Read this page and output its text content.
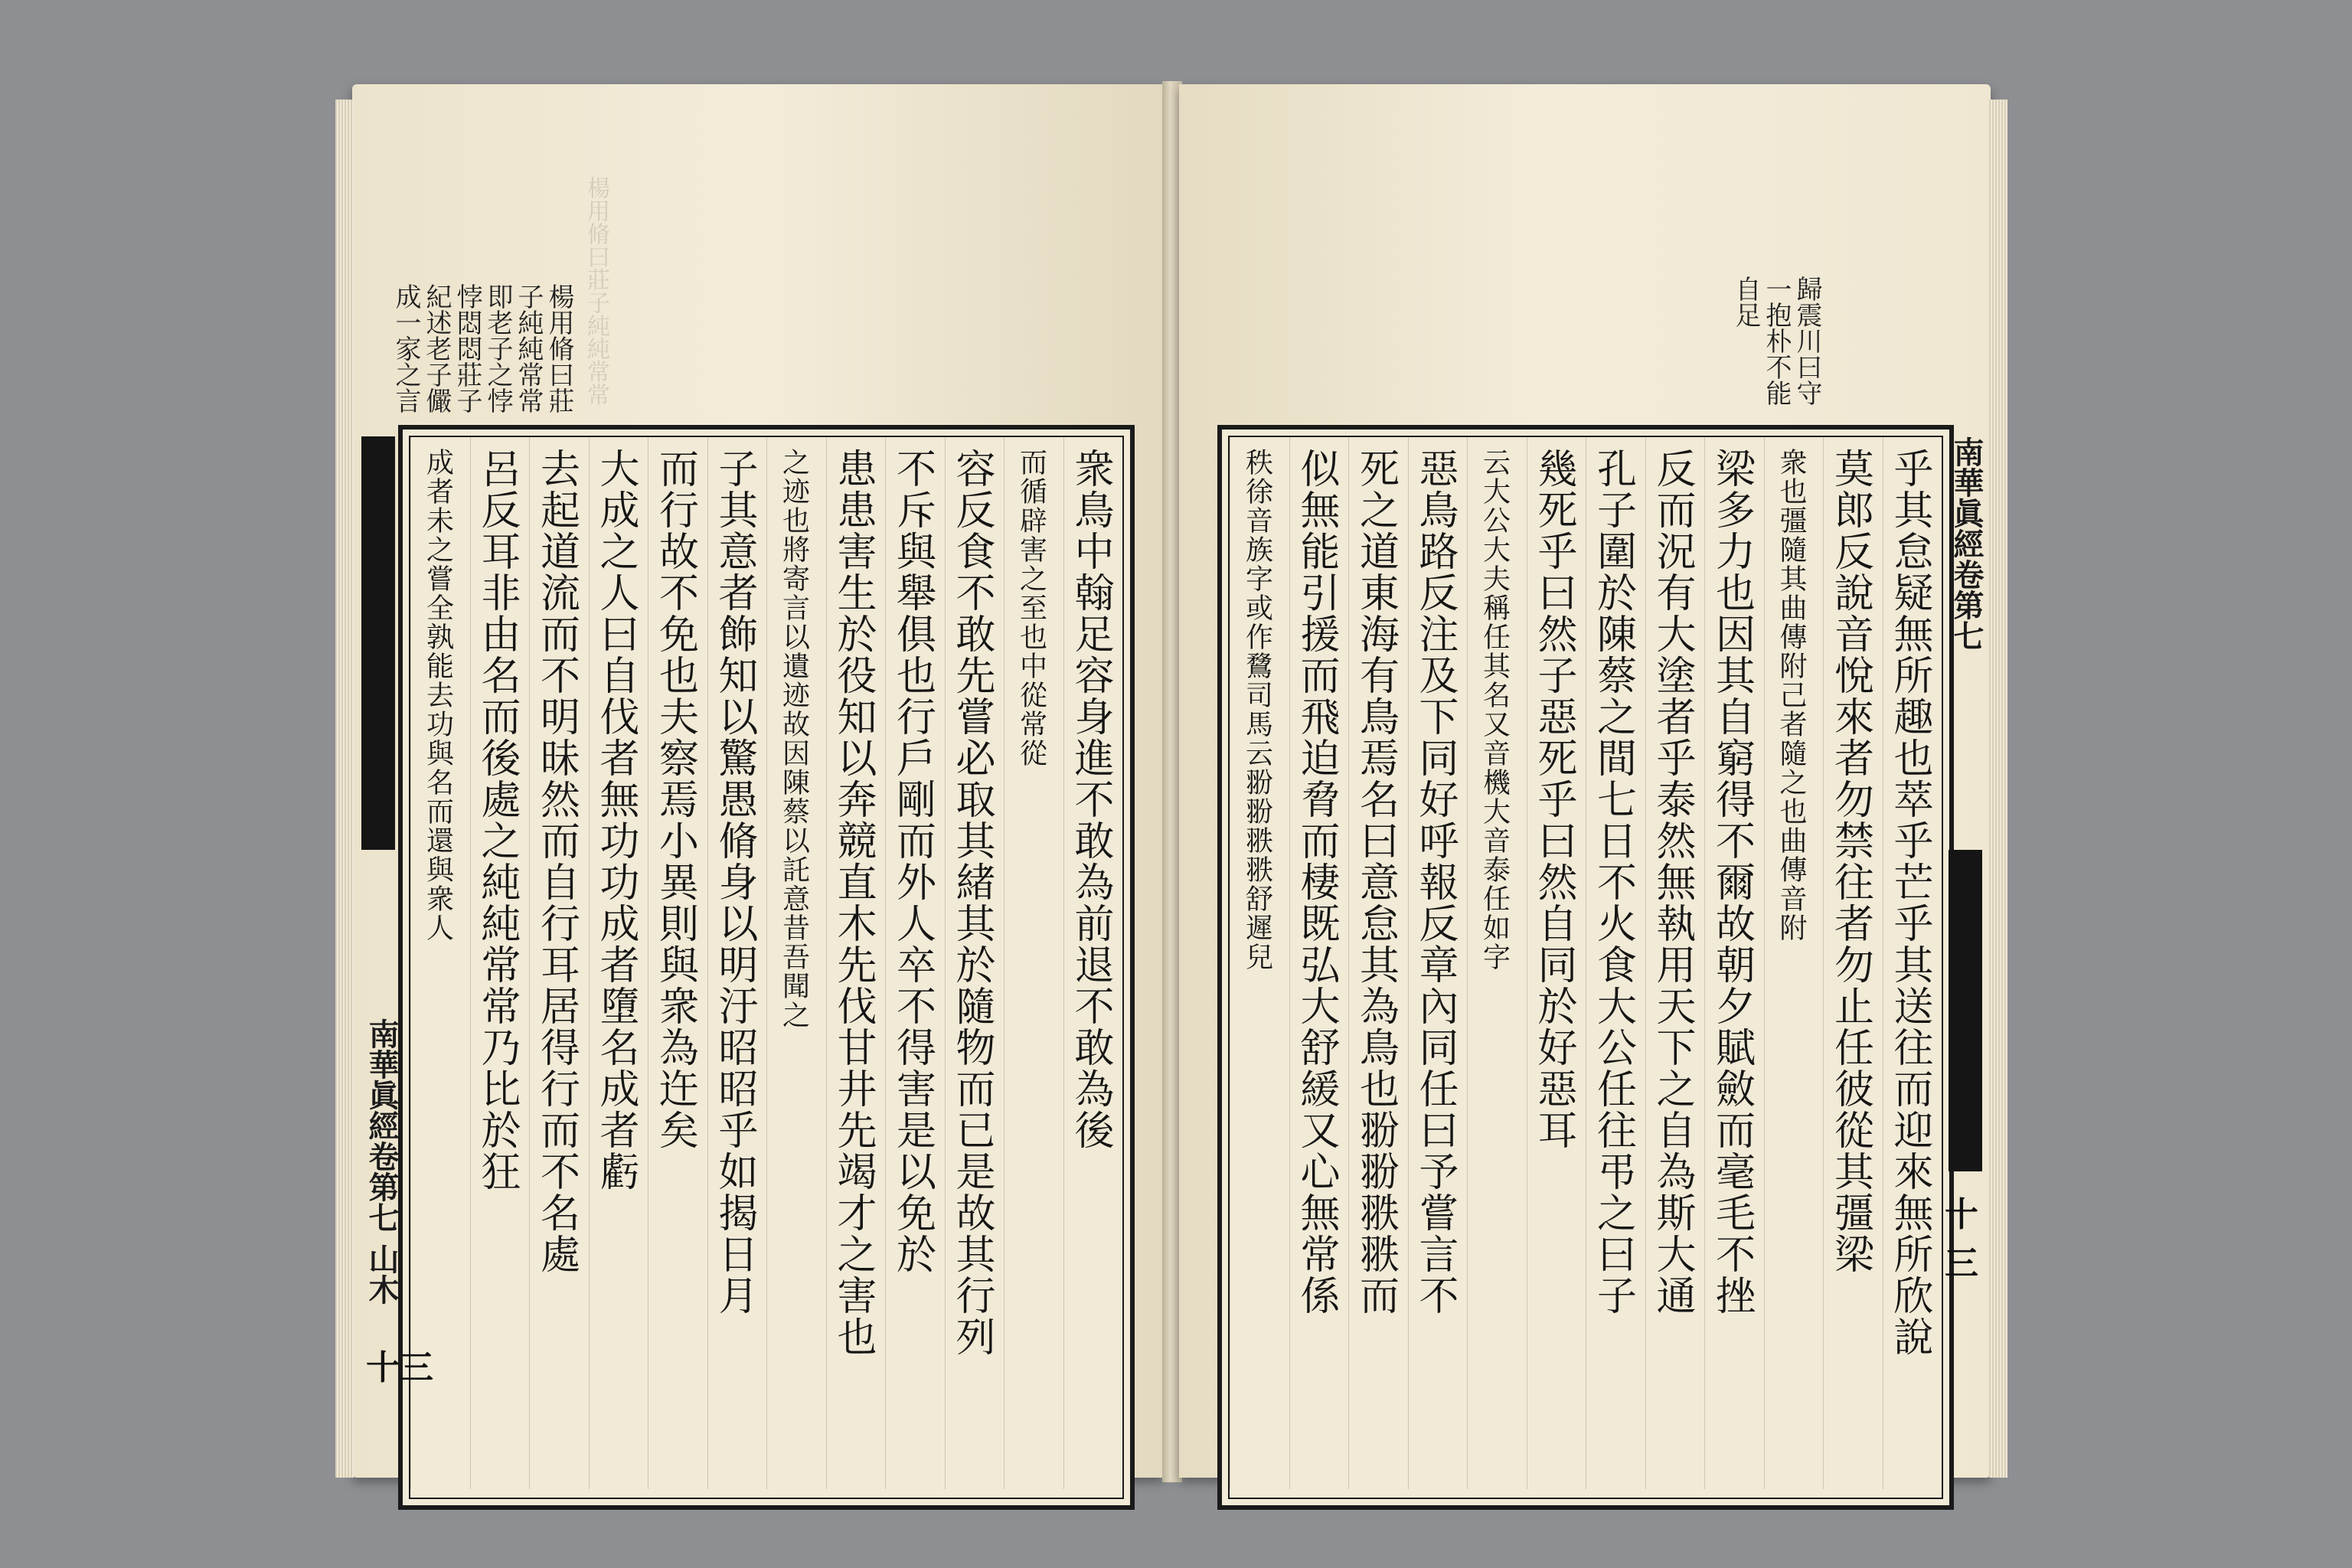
楊用脩曰莊子純純常常
楊用脩曰莊
子純純常常
即老子之悖
悖悶悶莊子
紀述老子儼
成一家之言
衆鳥中翰足容身進不敢為前退不敢為後
而循辟害之至也中從常從
容反食不敢先嘗必取其緒其於隨物而已是故其行列
不斥與舉俱也行戶剛而外人卒不得害是以免於
患患害生於役知以奔競直木先伐甘井先竭才之害也
之迹也將寄言以遺迹故因陳蔡以託意昔吾聞之
子其意者飾知以驚愚脩身以明汙昭昭乎如揭日月
而行故不免也夫察焉小異則與衆為迕矣
大成之人曰自伐者無功功成者墮名成者虧
去起道流而不明昧然而自行耳居得行而不名處
呂反耳非由名而後處之純純常常乃比於狂
成者未之嘗全孰能去功與名而還與衆人
南華眞經卷第七 山木
十三
歸震川曰守
一抱朴不能
自足
乎其怠疑無所趣也萃乎芒乎其送往而迎來無所欣說
莫郎反說音悅來者勿禁往者勿止任彼從其彊梁
衆也彊隨其曲傳附己者隨之也曲傳音附
梁多力也因其自窮得不爾故朝夕賦斂而毫毛不挫
反而況有大塗者乎泰然無執用天下之自為斯大通
孔子圍於陳蔡之間七日不火食大公任往弔之曰子
幾死乎曰然子惡死乎曰然自同於好惡耳
云大公大夫稱任其名又音機大音泰任如字
惡鳥路反注及下同好呼報反章內同任曰予嘗言不
死之道東海有鳥焉名曰意怠其為鳥也翂翂翐翐而
似無能引援而飛迫脅而棲既弘大舒緩又心無常係
秩徐音族字或作䳱司馬云翂翂翐翐舒遲兒	南華眞經卷第七
十三
